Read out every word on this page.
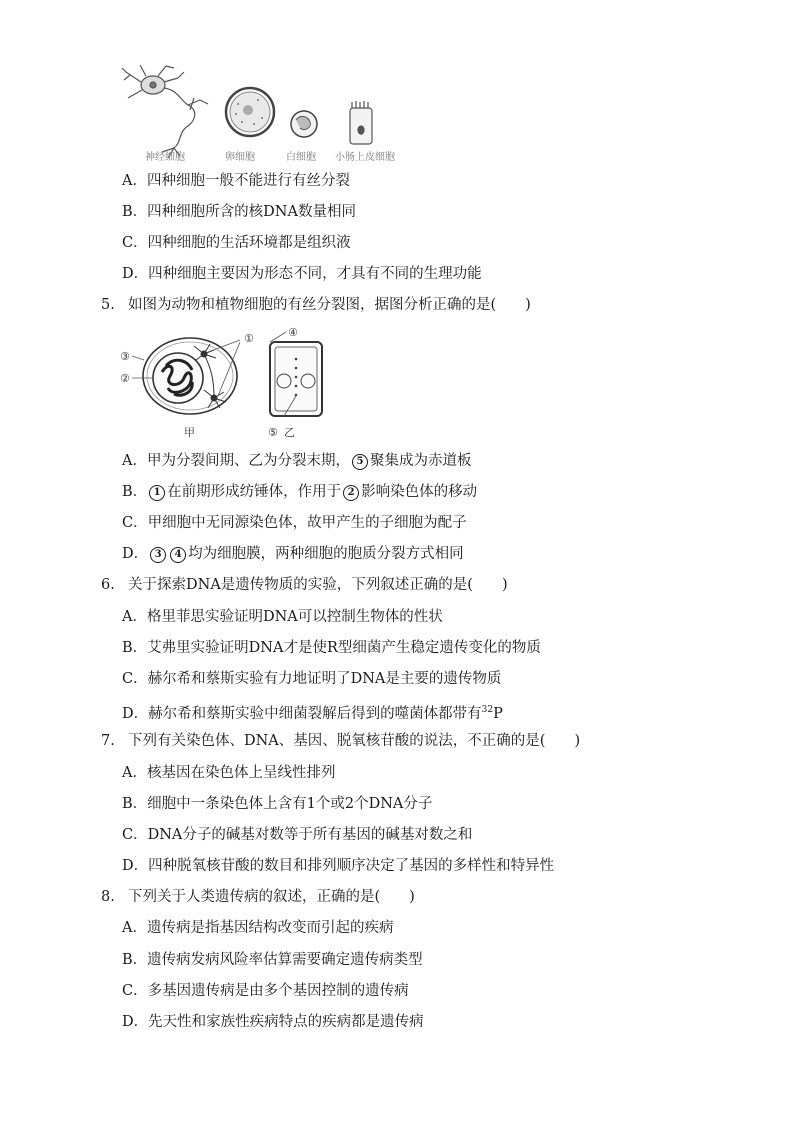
神经细胞	卵细胞	白细胞 小肠上皮细胞
A．四种细胞一般不能进行有丝分裂
B．四种细胞所含的核DNA数量相同
C．四种细胞的生活环境都是组织液
D．四种细胞主要因为形态不同，才具有不同的生理功能
5. 如图为动物和植物细胞的有丝分裂图，据图分析正确的是(　　)
①
③
②
甲
④
⑤ 乙
A．甲为分裂间期、乙为分裂末期， 5 聚集成为赤道板
B． 1 在前期形成纺锤体，作用于 2 影响染色体的移动
C．甲细胞中无同源染色体，故甲产生的子细胞为配子
D． 3 4 均为细胞膜，两种细胞的胞质分裂方式相同
6. 关于探索DNA是遗传物质的实验，下列叙述正确的是(　　)
A．格里菲思实验证明DNA可以控制生物体的性状
B．艾弗里实验证明DNA才是使R型细菌产生稳定遗传变化的物质
C．赫尔希和蔡斯实验有力地证明了DNA是主要的遗传物质
D．赫尔希和蔡斯实验中细菌裂解后得到的噬菌体都带有$^{32}$P
7. 下列有关染色体、DNA、基因、脱氧核苷酸的说法，不正确的是(　　)
A．核基因在染色体上呈线性排列
B．细胞中一条染色体上含有1个或2个DNA分子
C．DNA分子的碱基对数等于所有基因的碱基对数之和
D．四种脱氧核苷酸的数目和排列顺序决定了基因的多样性和特异性
8. 下列关于人类遗传病的叙述，正确的是(　　)
A．遗传病是指基因结构改变而引起的疾病
B．遗传病发病风险率估算需要确定遗传病类型
C．多基因遗传病是由多个基因控制的遗传病
D．先天性和家族性疾病特点的疾病都是遗传病
